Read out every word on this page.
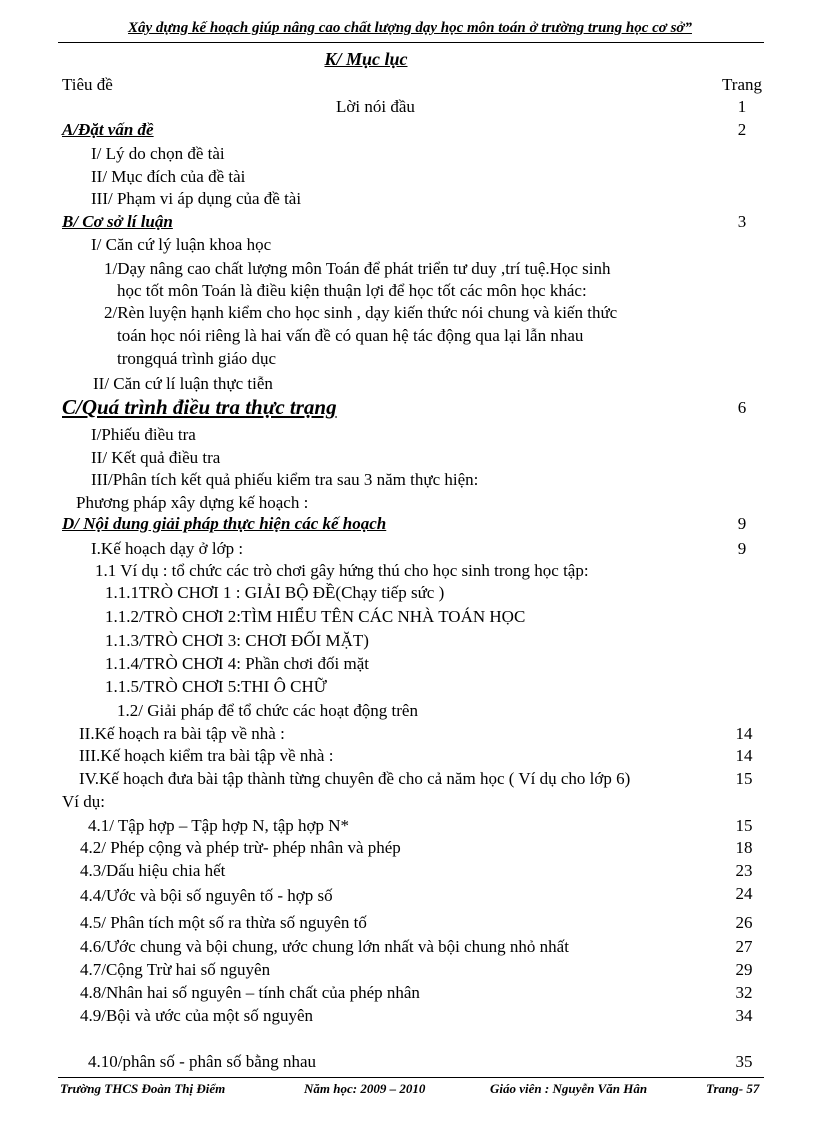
Xây dựng kế hoạch giúp nâng cao chất lượng dạy học môn toán ở trường trung học cơ sở”
K/ Mục lục
Tiêu đề	Trang
Lời nói đầu	1
A/Đặt vấn đề	2
I/ Lý do chọn đề tài
II/ Mục đích của đề tài
III/ Phạm vi áp dụng của đề tài
B/ Cơ sở lí luận	3
I/ Căn cứ lý luận khoa học
1/Dạy nâng cao chất lượng môn Toán để phát triển tư duy ,trí tuệ.Học sinh
học tốt môn Toán là điều kiện thuận lợi để học tốt các môn học khác:
2/Rèn luyện hạnh kiểm cho học sinh , dạy kiến thức nói chung và kiến thức
toán học nói riêng là hai vấn đề có quan hệ tác động qua lại lẫn nhau
trongquá trình giáo dục
II/ Căn cứ lí luận thực tiễn
C/Quá trình điều tra thực trạng	6
I/Phiếu điều tra
II/ Kết quả điều tra
III/Phân tích kết quả phiếu kiểm tra sau 3 năm thực hiện:
Phương pháp xây dựng kế hoạch :
D/ Nội dung giải pháp thực hiện các kế hoạch	9
I.Kế hoạch dạy ở lớp :	9
1.1 Ví dụ : tổ chức các trò chơi gây hứng thú cho học sinh trong học tập:
1.1.1TRÒ CHƠI 1 : GIẢI BỘ ĐỀ(Chạy tiếp sức )
1.1.2/TRÒ CHƠI 2:TÌM HIỂU TÊN CÁC NHÀ TOÁN HỌC
1.1.3/TRÒ CHƠI 3: CHƠI ĐỐI MẶT)
1.1.4/TRÒ CHƠI 4: Phần chơi đối mặt
1.1.5/TRÒ CHƠI 5:THI Ô CHỮ
1.2/ Giải pháp để tổ chức các hoạt động trên
II.Kế hoạch ra bài tập về nhà :	14
III.Kế hoạch kiểm tra bài tập về nhà :	14
IV.Kế hoạch đưa bài tập thành từng chuyên đề cho cả năm học ( Ví dụ cho lớp 6)	15
Ví dụ:
4.1/ Tập hợp – Tập hợp N, tập hợp N*	15
4.2/ Phép cộng và phép trừ- phép nhân và phép	18
4.3/Dấu hiệu chia hết	23
4.4/Ước và bội số nguyên tố - hợp số	24
4.5/ Phân tích một số ra thừa số nguyên tố	26
4.6/Ước chung và bội chung, ước chung lớn nhất và bội chung nhỏ nhất	27
4.7/Cộng Trừ hai số nguyên	29
4.8/Nhân hai số nguyên – tính chất của phép nhân	32
4.9/Bội và ước của một số nguyên	34
4.10/phân số - phân số bằng nhau	35
Trường THCS Đoàn Thị Điểm	Năm học: 2009 – 2010	Giáo viên : Nguyễn Văn Hân	Trang- 57
